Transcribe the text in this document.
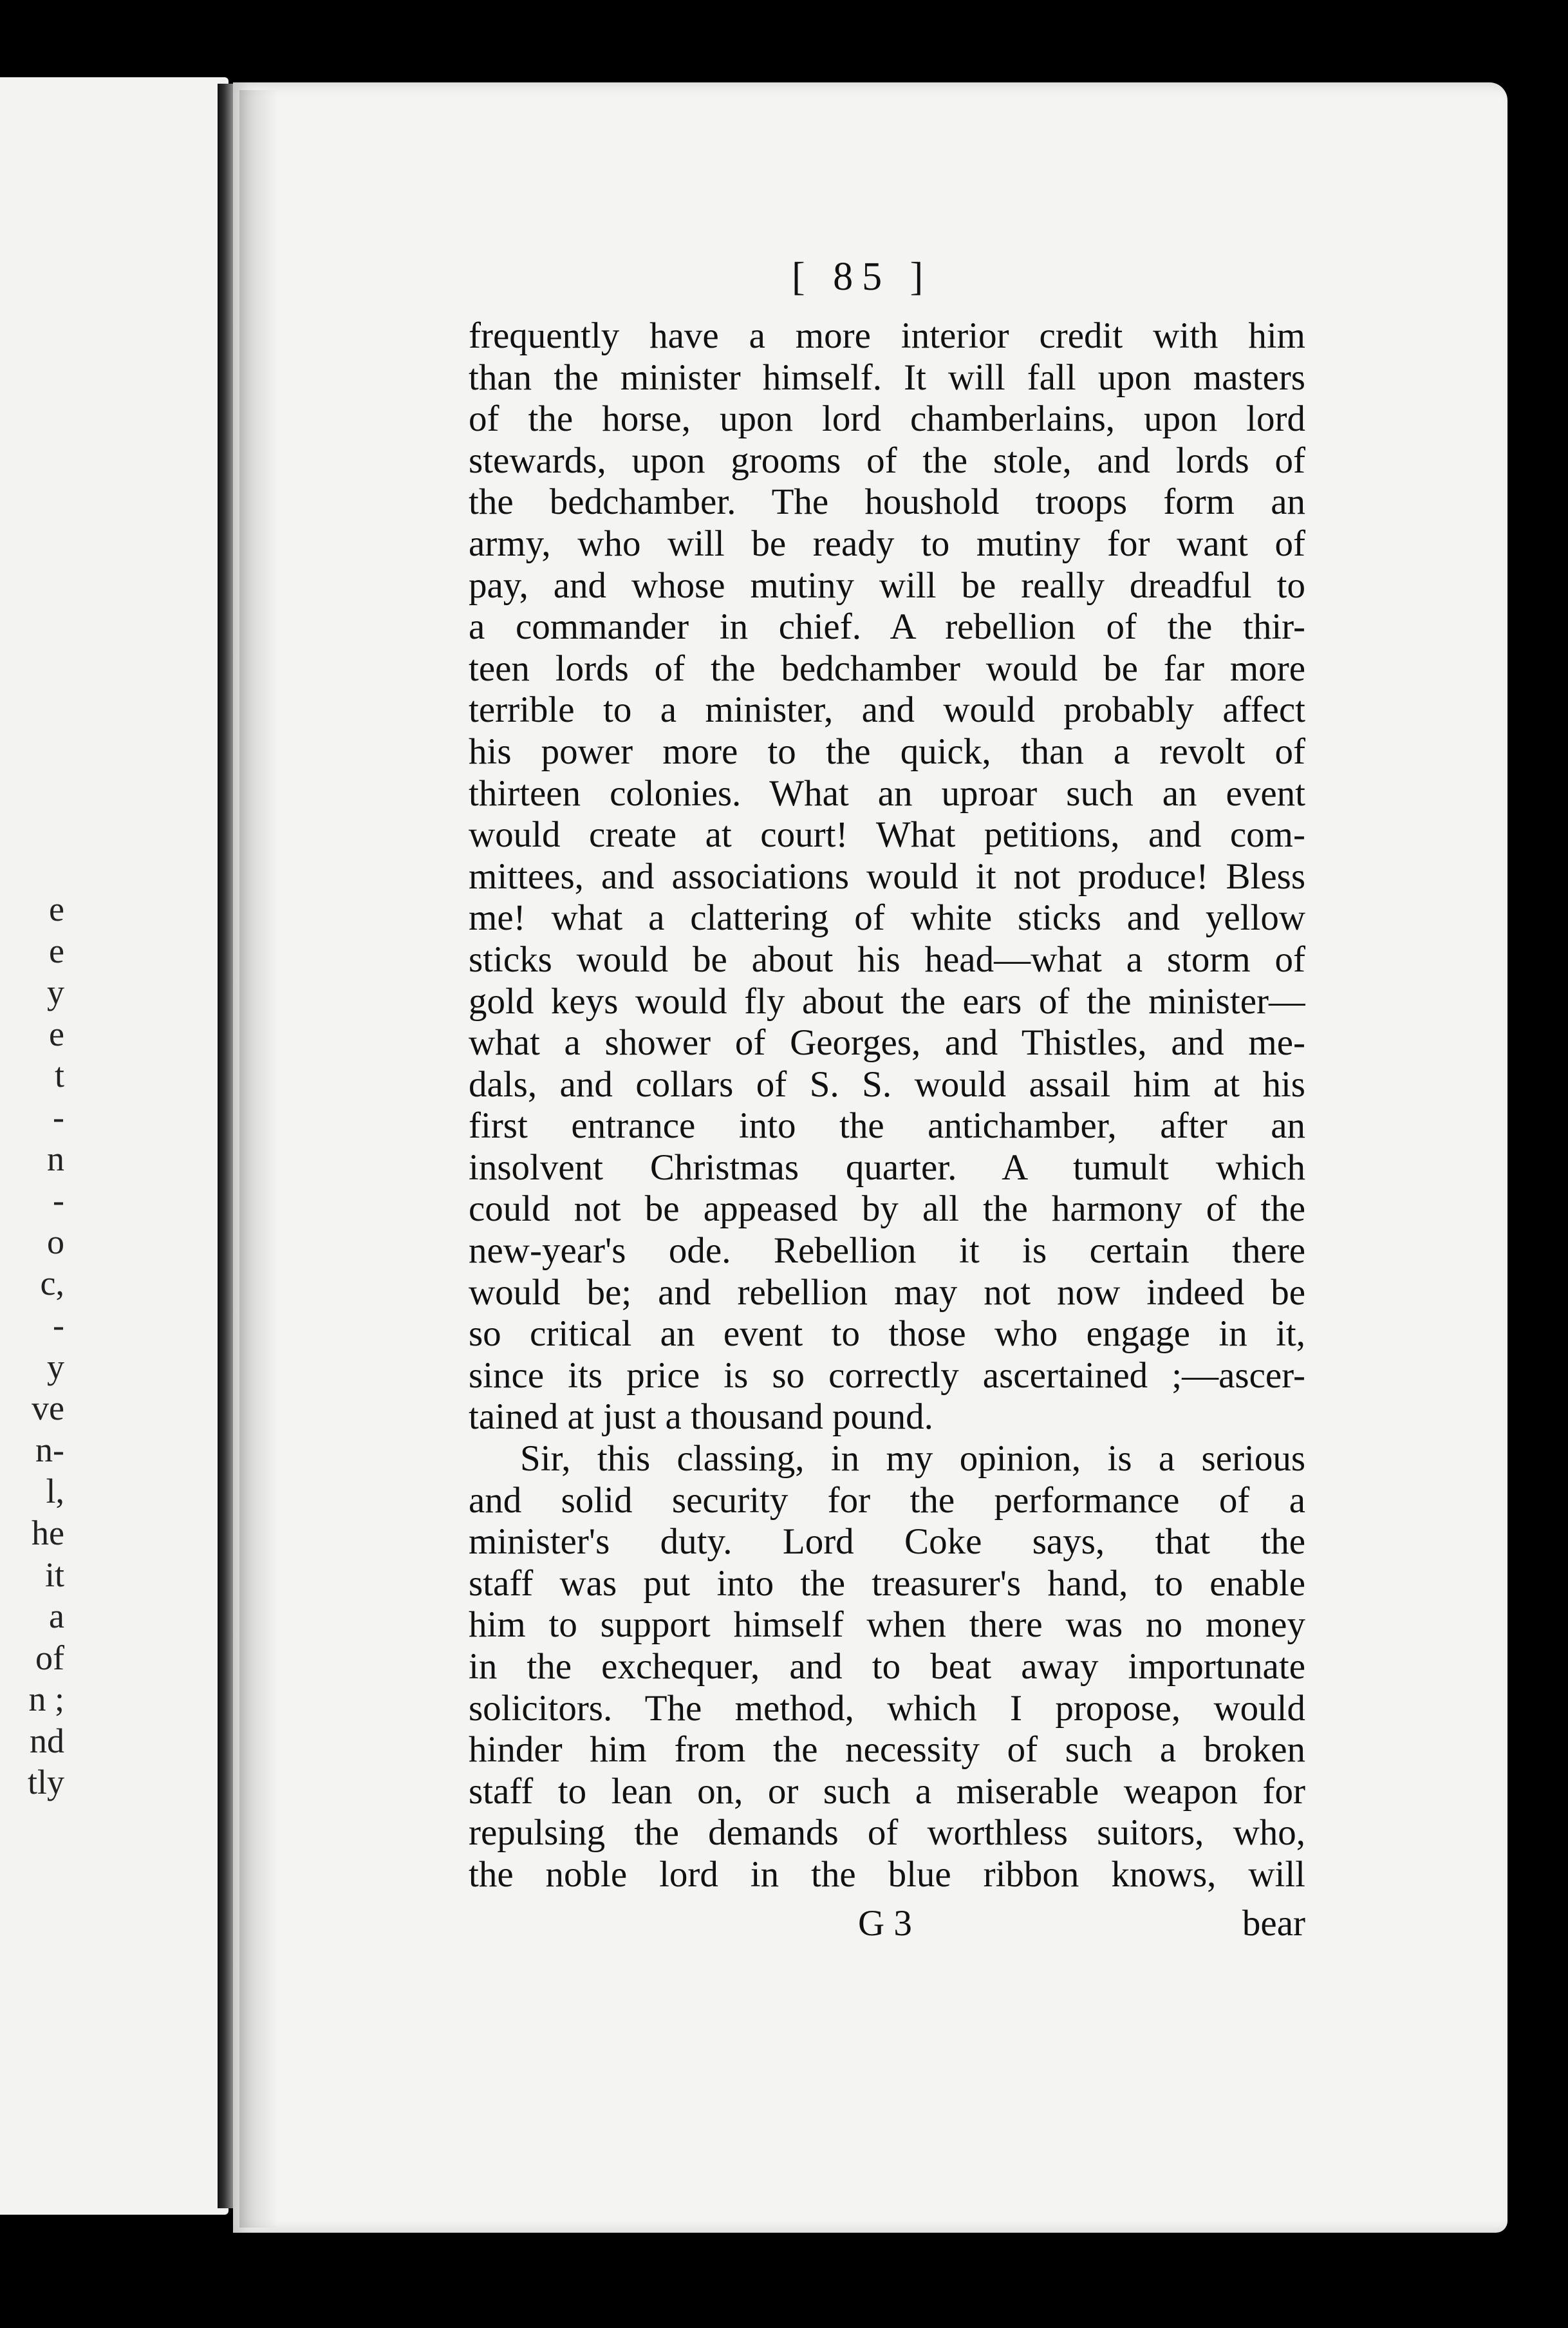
e
e
y
e
t
-
n
-
o
c,
-
y
ve
n-
l,
he
it
a
of
n ;
nd
tly
[ 85 ]
frequently have a more interior credit with him
than the minister himself. It will fall upon masters
of the horse, upon lord chamberlains, upon lord
stewards, upon grooms of the stole, and lords of
the bedchamber. The houshold troops form an
army, who will be ready to mutiny for want of
pay, and whose mutiny will be really dreadful to
a commander in chief. A rebellion of the thir-
teen lords of the bedchamber would be far more
terrible to a minister, and would probably affect
his power more to the quick, than a revolt of
thirteen colonies. What an uproar such an event
would create at court! What petitions, and com-
mittees, and associations would it not produce! Bless
me! what a clattering of white sticks and yellow
sticks would be about his head—what a storm of
gold keys would fly about the ears of the minister—
what a shower of Georges, and Thistles, and me-
dals, and collars of S. S. would assail him at his
first entrance into the antichamber, after an
insolvent Christmas quarter. A tumult which
could not be appeased by all the harmony of the
new-year's ode. Rebellion it is certain there
would be; and rebellion may not now indeed be
so critical an event to those who engage in it,
since its price is so correctly ascertained ;—ascer-
tained at just a thousand pound.
Sir, this classing, in my opinion, is a serious
and solid security for the performance of a
minister's duty. Lord Coke says, that the
staff was put into the treasurer's hand, to enable
him to support himself when there was no money
in the exchequer, and to beat away importunate
solicitors. The method, which I propose, would
hinder him from the necessity of such a broken
staff to lean on, or such a miserable weapon for
repulsing the demands of worthless suitors, who,
the noble lord in the blue ribbon knows, will
G 3	bear
